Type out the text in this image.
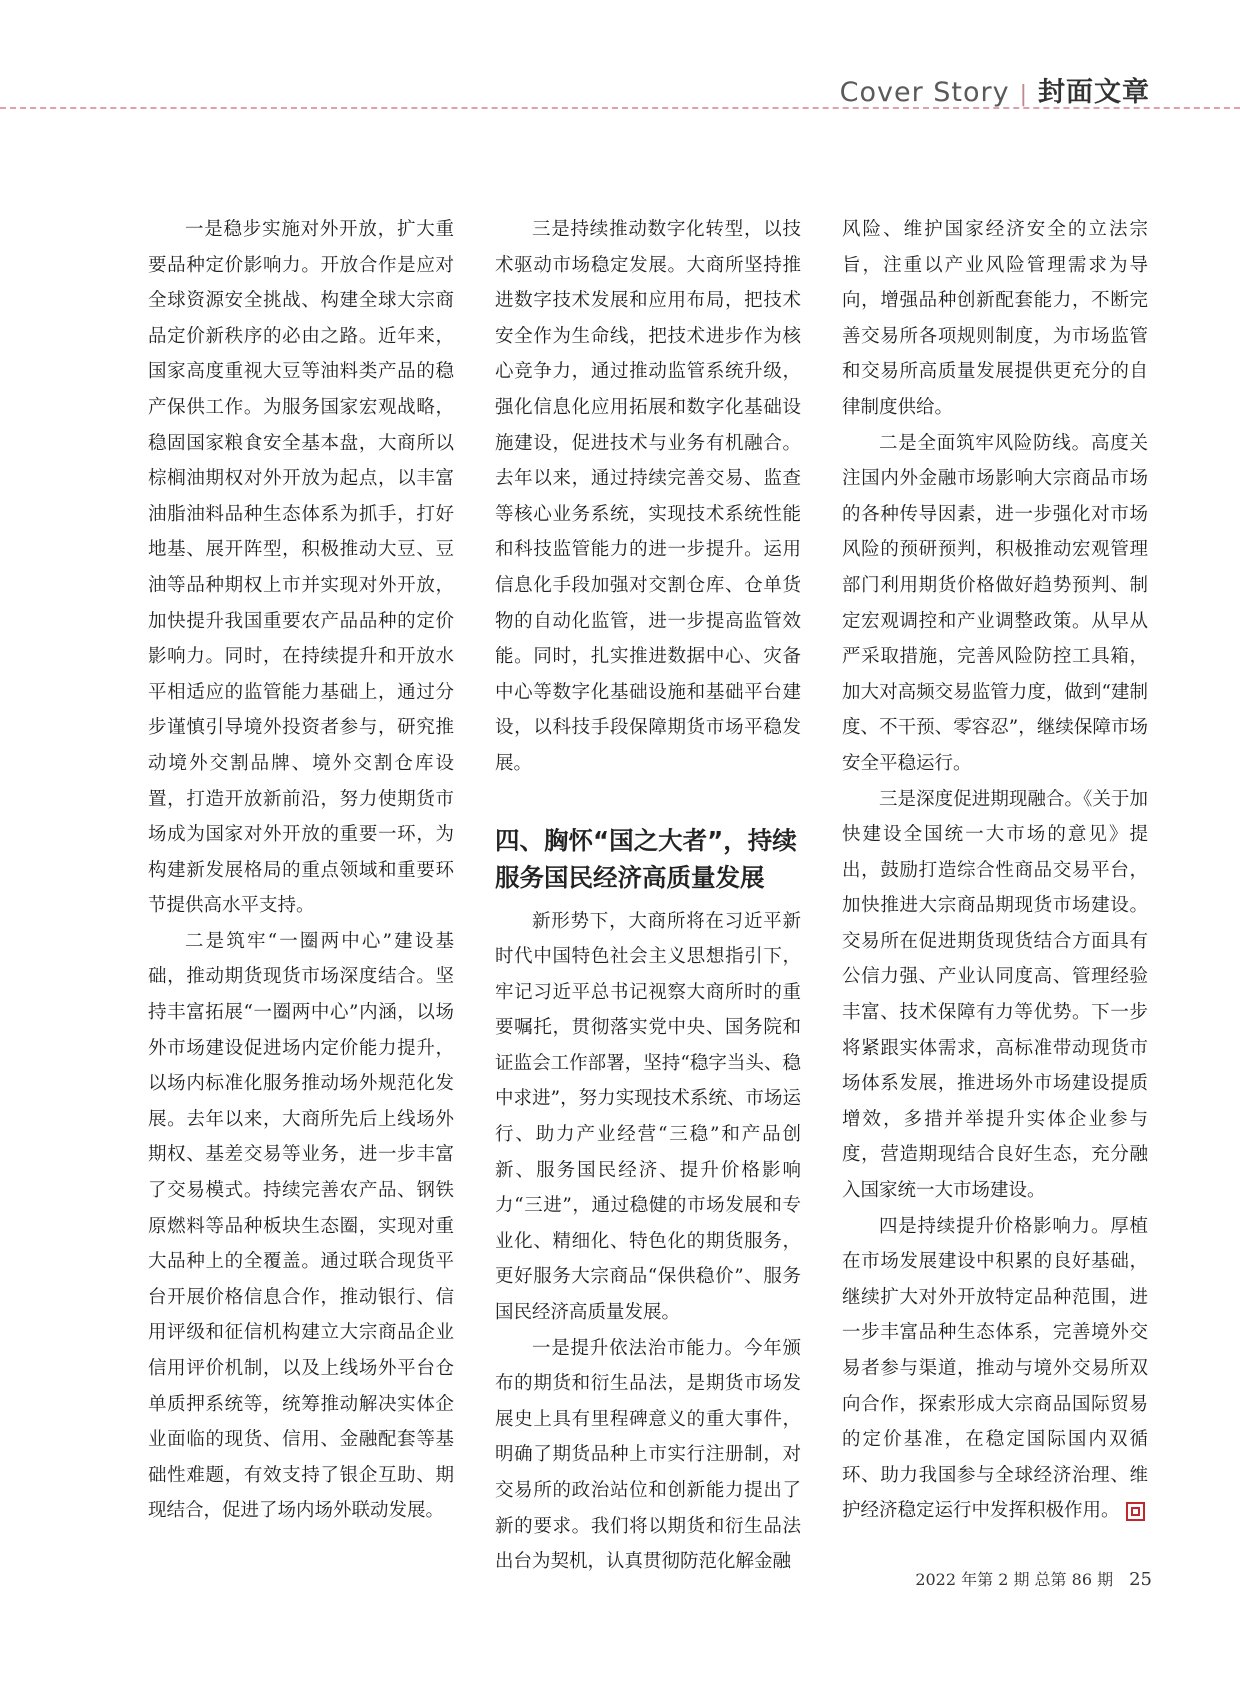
Cover Story | 封面文章

一是稳步实施对外开放，扩大重要品种定价影响力。开放合作是应对全球资源安全挑战、构建全球大宗商品定价新秩序的必由之路。近年来，国家高度重视大豆等油料类产品的稳产保供工作。为服务国家宏观战略，稳固国家粮食安全基本盘，大商所以棕榈油期权对外开放为起点，以丰富油脂油料品种生态体系为抓手，打好地基、展开阵型，积极推动大豆、豆油等品种期权上市并实现对外开放，加快提升我国重要农产品品种的定价影响力。同时，在持续提升和开放水平相适应的监管能力基础上，通过分步谨慎引导境外投资者参与，研究推动境外交割品牌、境外交割仓库设置，打造开放新前沿，努力使期货市场成为国家对外开放的重要一环，为构建新发展格局的重点领域和重要环节提供高水平支持。

二是筑牢“一圈两中心”建设基础，推动期货现货市场深度结合。坚持丰富拓展“一圈两中心”内涵，以场外市场建设促进场内定价能力提升，以场内标准化服务推动场外规范化发展。去年以来，大商所先后上线场外期权、基差交易等业务，进一步丰富了交易模式。持续完善农产品、钢铁原燃料等品种板块生态圈，实现对重大品种上的全覆盖。通过联合现货平台开展价格信息合作，推动银行、信用评级和征信机构建立大宗商品企业信用评价机制，以及上线场外平台仓单质押系统等，统筹推动解决实体企业面临的现货、信用、金融配套等基础性难题，有效支持了银企互助、期现结合，促进了场内场外联动发展。

三是持续推动数字化转型，以技术驱动市场稳定发展。大商所坚持推进数字技术发展和应用布局，把技术安全作为生命线，把技术进步作为核心竞争力，通过推动监管系统升级，强化信息化应用拓展和数字化基础设施建设，促进技术与业务有机融合。去年以来，通过持续完善交易、监查等核心业务系统，实现技术系统性能和科技监管能力的进一步提升。运用信息化手段加强对交割仓库、仓单货物的自动化监管，进一步提高监管效能。同时，扎实推进数据中心、灾备中心等数字化基础设施和基础平台建设，以科技手段保障期货市场平稳发展。

四、胸怀“国之大者”，持续服务国民经济高质量发展

新形势下，大商所将在习近平新时代中国特色社会主义思想指引下，牢记习近平总书记视察大商所时的重要嘱托，贯彻落实党中央、国务院和证监会工作部署，坚持“稳字当头、稳中求进”，努力实现技术系统、市场运行、助力产业经营“三稳”和产品创新、服务国民经济、提升价格影响力“三进”，通过稳健的市场发展和专业化、精细化、特色化的期货服务，更好服务大宗商品“保供稳价”、服务国民经济高质量发展。

一是提升依法治市能力。今年颁布的期货和衍生品法，是期货市场发展史上具有里程碑意义的重大事件，明确了期货品种上市实行注册制，对交易所的政治站位和创新能力提出了新的要求。我们将以期货和衍生品法出台为契机，认真贯彻防范化解金融

风险、维护国家经济安全的立法宗旨，注重以产业风险管理需求为导向，增强品种创新配套能力，不断完善交易所各项规则制度，为市场监管和交易所高质量发展提供更充分的自律制度供给。

二是全面筑牢风险防线。高度关注国内外金融市场影响大宗商品市场的各种传导因素，进一步强化对市场风险的预研预判，积极推动宏观管理部门利用期货价格做好趋势预判、制定宏观调控和产业调整政策。从早从严采取措施，完善风险防控工具箱，加大对高频交易监管力度，做到“建制度、不干预、零容忍”，继续保障市场安全平稳运行。

三是深度促进期现融合。《关于加快建设全国统一大市场的意见》提出，鼓励打造综合性商品交易平台，加快推进大宗商品期现货市场建设。交易所在促进期货现货结合方面具有公信力强、产业认同度高、管理经验丰富、技术保障有力等优势。下一步将紧跟实体需求，高标准带动现货市场体系发展，推进场外市场建设提质增效，多措并举提升实体企业参与度，营造期现结合良好生态，充分融入国家统一大市场建设。

四是持续提升价格影响力。厚植在市场发展建设中积累的良好基础，继续扩大对外开放特定品种范围，进一步丰富品种生态体系，完善境外交易者参与渠道，推动与境外交易所双向合作，探索形成大宗商品国际贸易的定价基准，在稳定国际国内双循环、助力我国参与全球经济治理、维护经济稳定运行中发挥积极作用。

2022 年第 2 期 总第 86 期 25
